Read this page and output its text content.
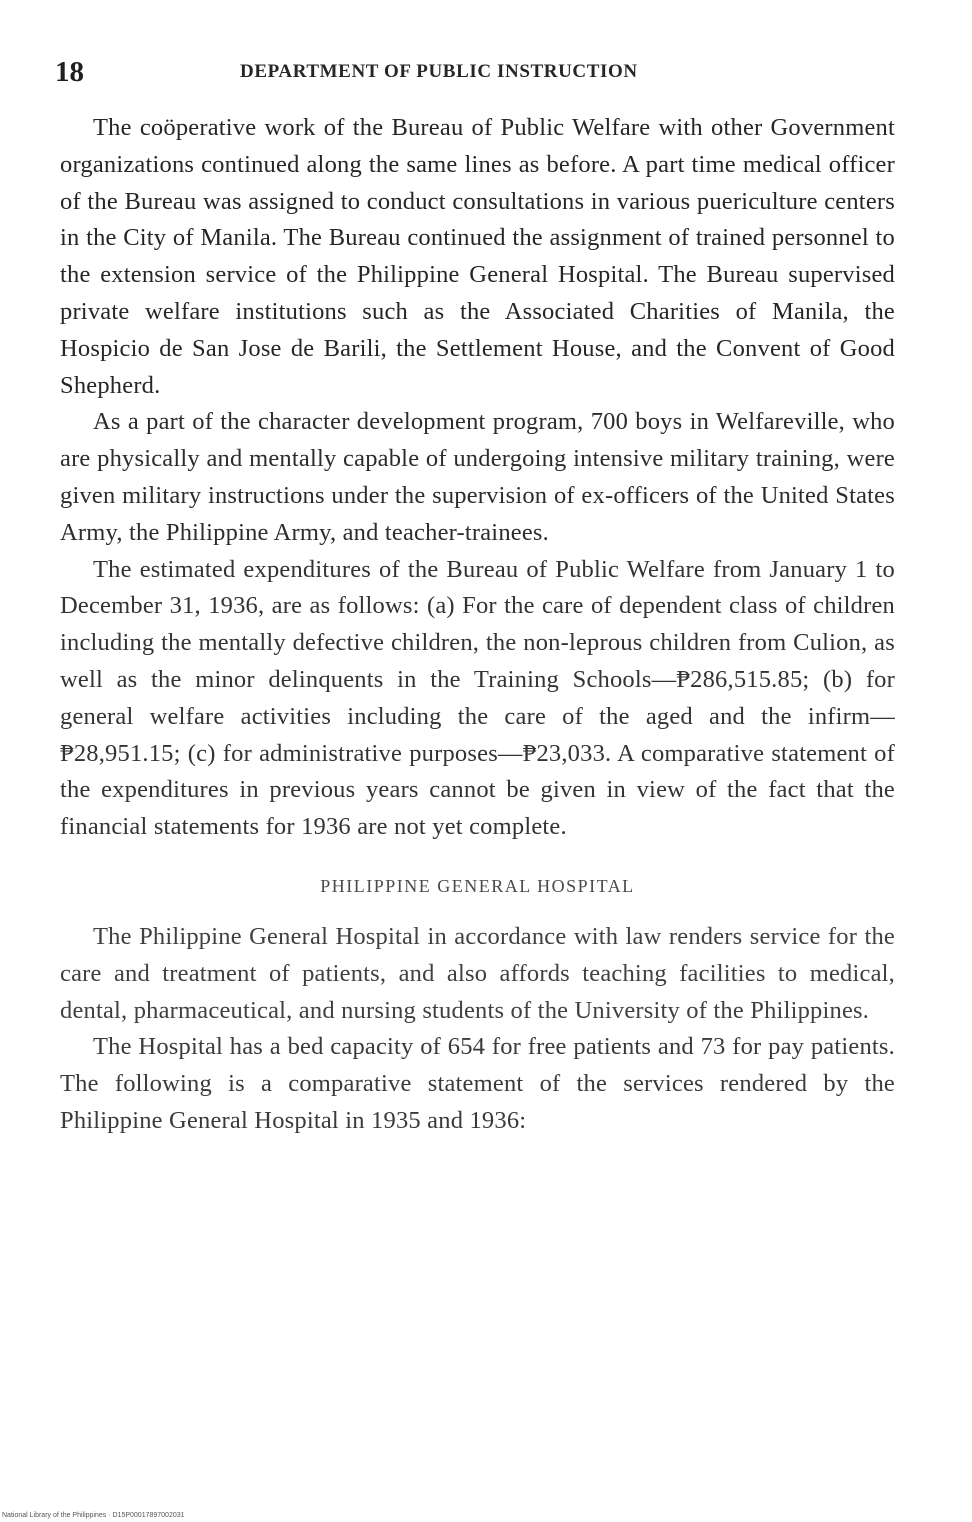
18	DEPARTMENT OF PUBLIC INSTRUCTION

The coöperative work of the Bureau of Public Welfare with other Government organizations continued along the same lines as before. A part time medical officer of the Bureau was assigned to conduct consultations in various puericulture centers in the City of Manila. The Bureau continued the assignment of trained personnel to the extension service of the Philippine General Hospital. The Bureau supervised private welfare institutions such as the Associated Charities of Manila, the Hospicio de San Jose de Barili, the Settlement House, and the Convent of Good Shepherd.

As a part of the character development program, 700 boys in Welfareville, who are physically and mentally capable of undergoing intensive military training, were given military instructions under the supervision of ex-officers of the United States Army, the Philippine Army, and teacher-trainees.

The estimated expenditures of the Bureau of Public Welfare from January 1 to December 31, 1936, are as follows: (a) For the care of dependent class of children including the mentally defective children, the non-leprous children from Culion, as well as the minor delinquents in the Training Schools—₱286,515.85; (b) for general welfare activities including the care of the aged and the infirm—₱28,951.15; (c) for administrative purposes—₱23,033. A comparative statement of the expenditures in previous years cannot be given in view of the fact that the financial statements for 1936 are not yet complete.

PHILIPPINE GENERAL HOSPITAL

The Philippine General Hospital in accordance with law renders service for the care and treatment of patients, and also affords teaching facilities to medical, dental, pharmaceutical, and nursing students of the University of the Philippines.

The Hospital has a bed capacity of 654 for free patients and 73 for pay patients. The following is a comparative statement of the services rendered by the Philippine General Hospital in 1935 and 1936:

National Library of the Philippines · D15P00017897002031
